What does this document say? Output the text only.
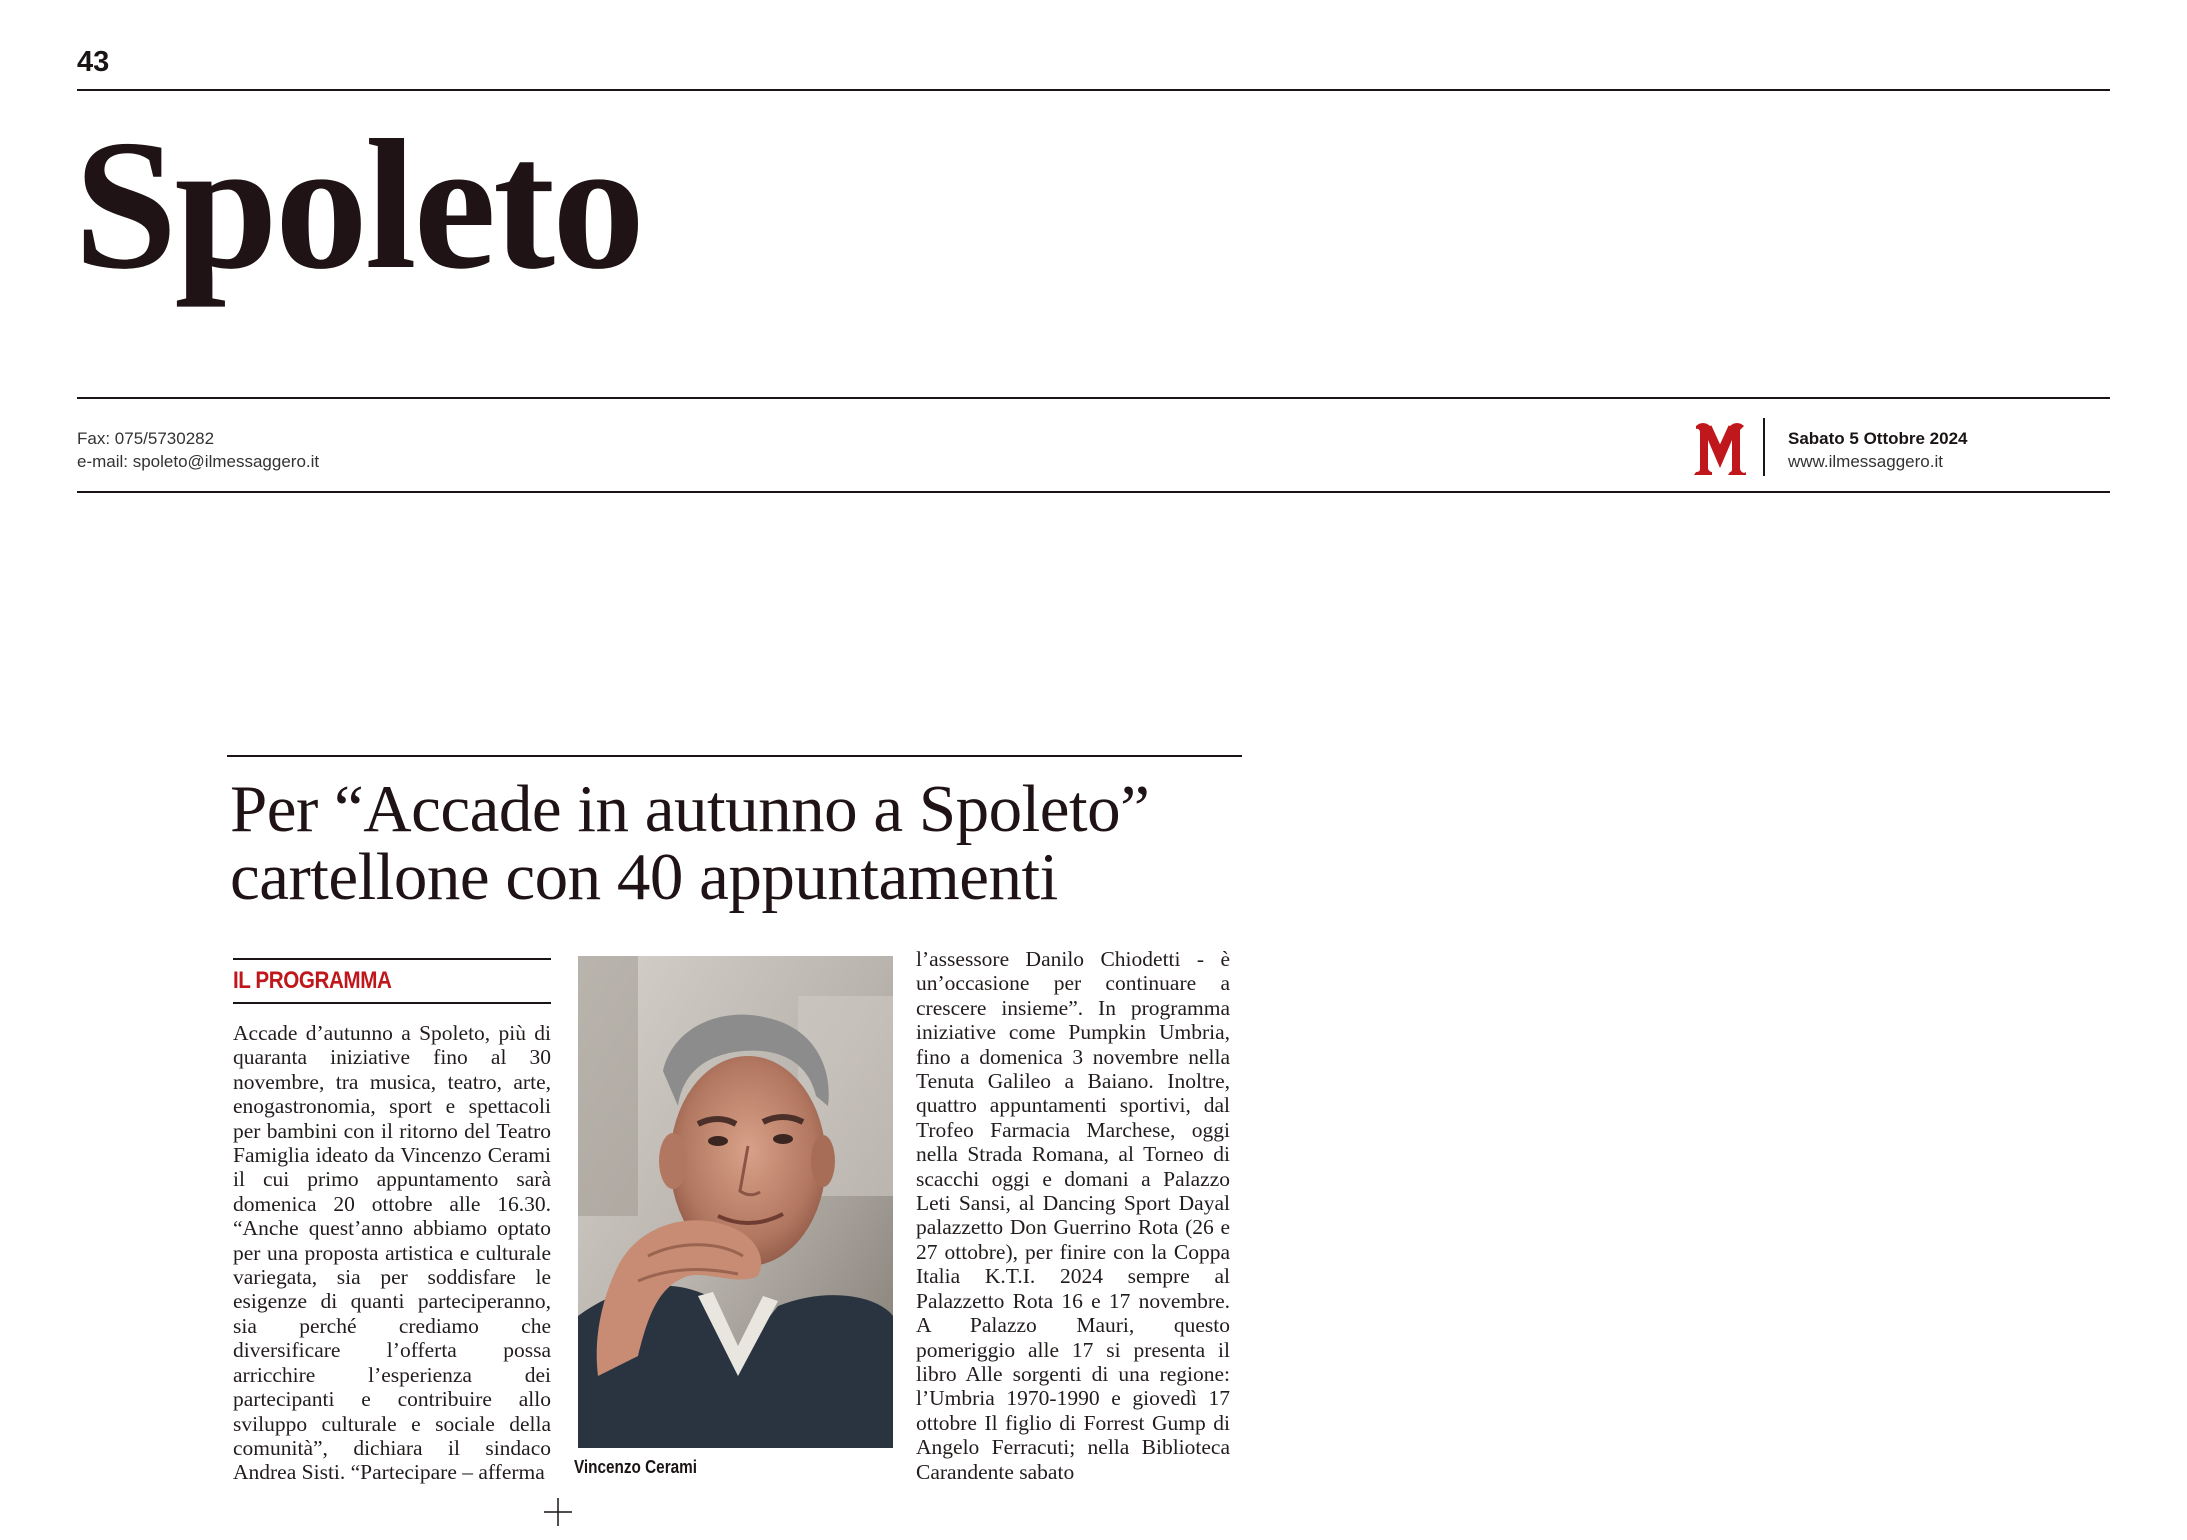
43
Spoleto
Fax: 075/5730282
e-mail: spoleto@ilmessaggero.it
Sabato 5 Ottobre 2024
www.ilmessaggero.it
Per “Accade in autunno a Spoleto”
cartellone con 40 appuntamenti
IL PROGRAMMA
Accade d’autunno a Spoleto, più di quaranta iniziative fino al 30 novembre, tra musica, teatro, arte, enogastronomia, sport e spettacoli per bambini con il ritorno del Teatro Famiglia ideato da Vincenzo Cerami il cui primo appuntamento sarà domenica 20 ottobre alle 16.30. “Anche quest’anno abbiamo optato per una proposta artistica e culturale variegata, sia per soddisfare le esigenze di quanti parteciperanno, sia perché crediamo che diversificare l’offerta possa arricchire l’esperienza dei partecipanti e contribuire allo sviluppo culturale e sociale della comunità”, dichiara il sindaco Andrea Sisti. “Partecipare – afferma	Vincenzo Cerami
l’assessore Danilo Chiodetti - è un’occasione per continuare a crescere insieme”. In programma iniziative come Pumpkin Umbria, fino a domenica 3 novembre nella Tenuta Galileo a Baiano. Inoltre, quattro appuntamenti sportivi, dal Trofeo Farmacia Marchese, oggi nella Strada Romana, al Torneo di scacchi oggi e domani a Palazzo Leti Sansi, al Dancing Sport Dayal palazzetto Don Guerrino Rota (26 e 27 ottobre), per finire con la Coppa Italia K.T.I. 2024 sempre al Palazzetto Rota 16 e 17 novembre. A Palazzo Mauri, questo pomeriggio alle 17 si presenta il libro Alle sorgenti di una regione: l’Umbria 1970-1990 e giovedì 17 ottobre Il figlio di Forrest Gump di Angelo Ferracuti; nella Biblioteca Carandente sabato
